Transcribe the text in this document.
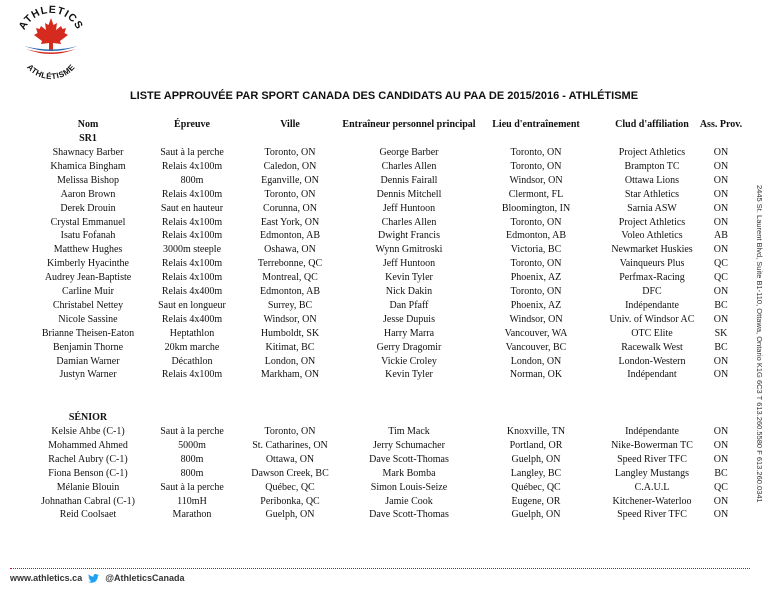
ATHLETICS
ATHLÉTISME
LISTE APPROUVÉE PAR SPORT CANADA DES CANDIDATS AU PAA DE 2015/2016 - ATHLÉTISME
Nom	Épreuve	Ville	Entraîneur personnel principal	Lieu d'entraînement	Clud d'affiliation	Ass. Prov.
SR1
SÉNIOR
Shawnacy Barber	Saut à la perche	Toronto, ON	George Barber	Toronto, ON	Project Athletics	ON
Khamica Bingham	Relais 4x100m	Caledon, ON	Charles Allen	Toronto, ON	Brampton TC	ON
Melissa Bishop	800m	Eganville, ON	Dennis Fairall	Windsor, ON	Ottawa Lions	ON
Aaron Brown	Relais 4x100m	Toronto, ON	Dennis Mitchell	Clermont, FL	Star Athletics	ON
Derek Drouin	Saut en hauteur	Corunna, ON	Jeff Huntoon	Bloomington, IN	Sarnia ASW	ON
Crystal Emmanuel	Relais 4x100m	East York, ON	Charles Allen	Toronto, ON	Project Athletics	ON
Isatu Fofanah	Relais 4x100m	Edmonton, AB	Dwight Francis	Edmonton, AB	Voleo Athletics	AB
Matthew Hughes	3000m steeple	Oshawa, ON	Wynn Gmitroski	Victoria, BC	Newmarket Huskies	ON
Kimberly Hyacinthe	Relais 4x100m	Terrebonne, QC	Jeff Huntoon	Toronto, ON	Vainqueurs Plus	QC
Audrey Jean-Baptiste	Relais 4x100m	Montreal, QC	Kevin Tyler	Phoenix, AZ	Perfmax-Racing	QC
Carline Muir	Relais 4x400m	Edmonton, AB	Nick Dakin	Toronto, ON	DFC	ON
Christabel Nettey	Saut en longueur	Surrey, BC	Dan Pfaff	Phoenix, AZ	Indépendante	BC
Nicole Sassine	Relais 4x400m	Windsor, ON	Jesse Dupuis	Windsor, ON	Univ. of Windsor AC	ON
Brianne Theisen-Eaton	Heptathlon	Humboldt, SK	Harry Marra	Vancouver, WA	OTC Elite	SK
Benjamin Thorne	20km marche	Kitimat, BC	Gerry Dragomir	Vancouver, BC	Racewalk West	BC
Damian Warner	Décathlon	London, ON	Vickie Croley	London, ON	London-Western	ON
Justyn Warner	Relais 4x100m	Markham, ON	Kevin Tyler	Norman, OK	Indépendant	ON
Kelsie Ahbe (C-1)	Saut à la perche	Toronto, ON	Tim Mack	Knoxville, TN	Indépendante	ON
Mohammed Ahmed	5000m	St. Catharines, ON	Jerry Schumacher	Portland, OR	Nike-Bowerman TC	ON
Rachel Aubry (C-1)	800m	Ottawa, ON	Dave Scott-Thomas	Guelph, ON	Speed River TFC	ON
Fiona Benson (C-1)	800m	Dawson Creek, BC	Mark Bomba	Langley, BC	Langley Mustangs	BC
Mélanie Blouin	Saut à la perche	Québec, QC	Simon Louis-Seize	Québec, QC	C.A.U.L	QC
Johnathan Cabral (C-1)	110mH	Peribonka, QC	Jamie Cook	Eugene, OR	Kitchener-Waterloo	ON
Reid Coolsaet	Marathon	Guelph, ON	Dave Scott-Thomas	Guelph, ON	Speed River TFC	ON
2445 St. Laurent Blvd, Suite B1-110, Ottawa, Ontario K1G 6C3 T 613.260.5580 F 613.260.0341
www.athletics.ca	@AthleticsCanada
